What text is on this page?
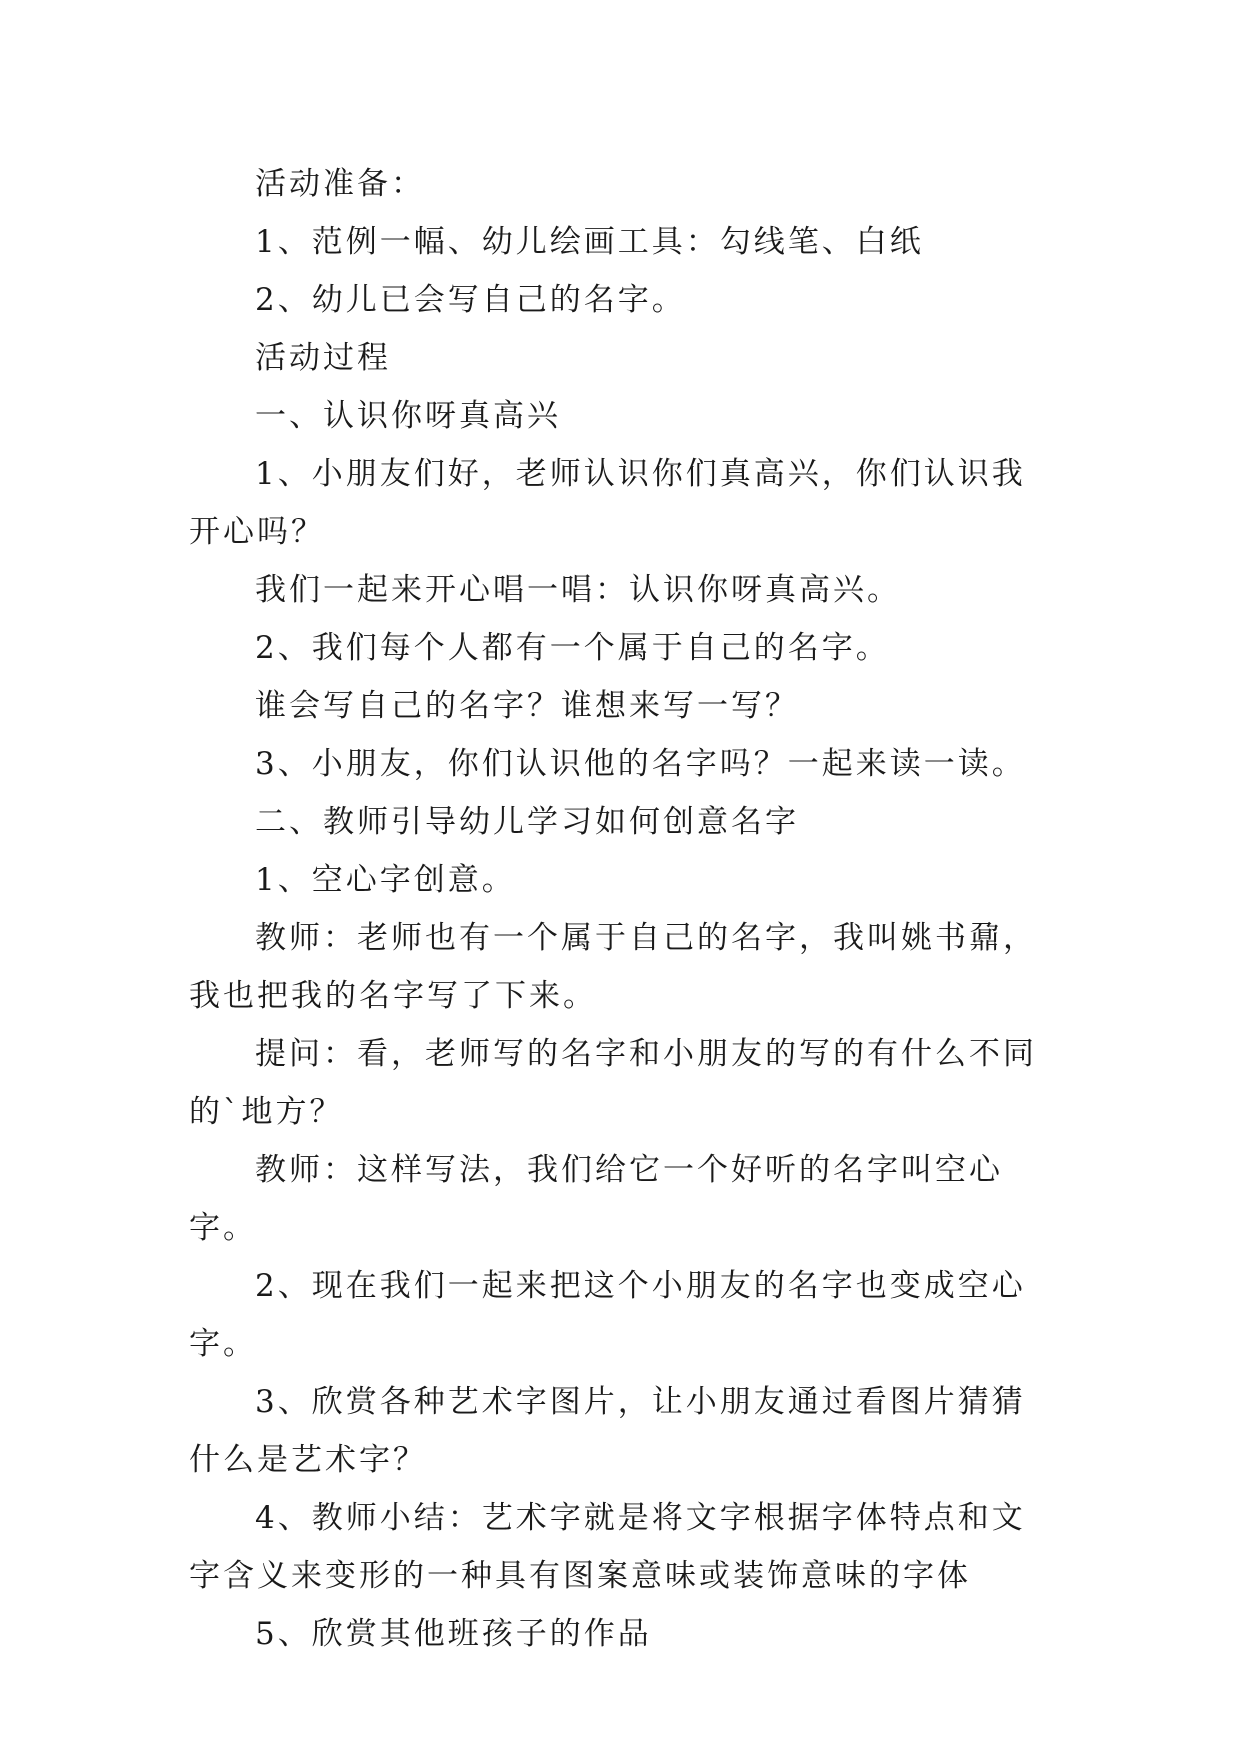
活动准备：

1、范例一幅、幼儿绘画工具：勾线笔、白纸

2、幼儿已会写自己的名字。

活动过程

一、认识你呀真高兴

1、小朋友们好，老师认识你们真高兴，你们认识我开心吗？

我们一起来开心唱一唱：认识你呀真高兴。

2、我们每个人都有一个属于自己的名字。

谁会写自己的名字？谁想来写一写？

3、小朋友，你们认识他的名字吗？一起来读一读。

二、教师引导幼儿学习如何创意名字

1、空心字创意。

教师：老师也有一个属于自己的名字，我叫姚书鼐，我也把我的名字写了下来。

提问：看，老师写的名字和小朋友的写的有什么不同的`地方？

教师：这样写法，我们给它一个好听的名字叫空心字。

2、现在我们一起来把这个小朋友的名字也变成空心字。

3、欣赏各种艺术字图片，让小朋友通过看图片猜猜什么是艺术字？

4、教师小结：艺术字就是将文字根据字体特点和文字含义来变形的一种具有图案意味或装饰意味的字体

5、欣赏其他班孩子的作品
